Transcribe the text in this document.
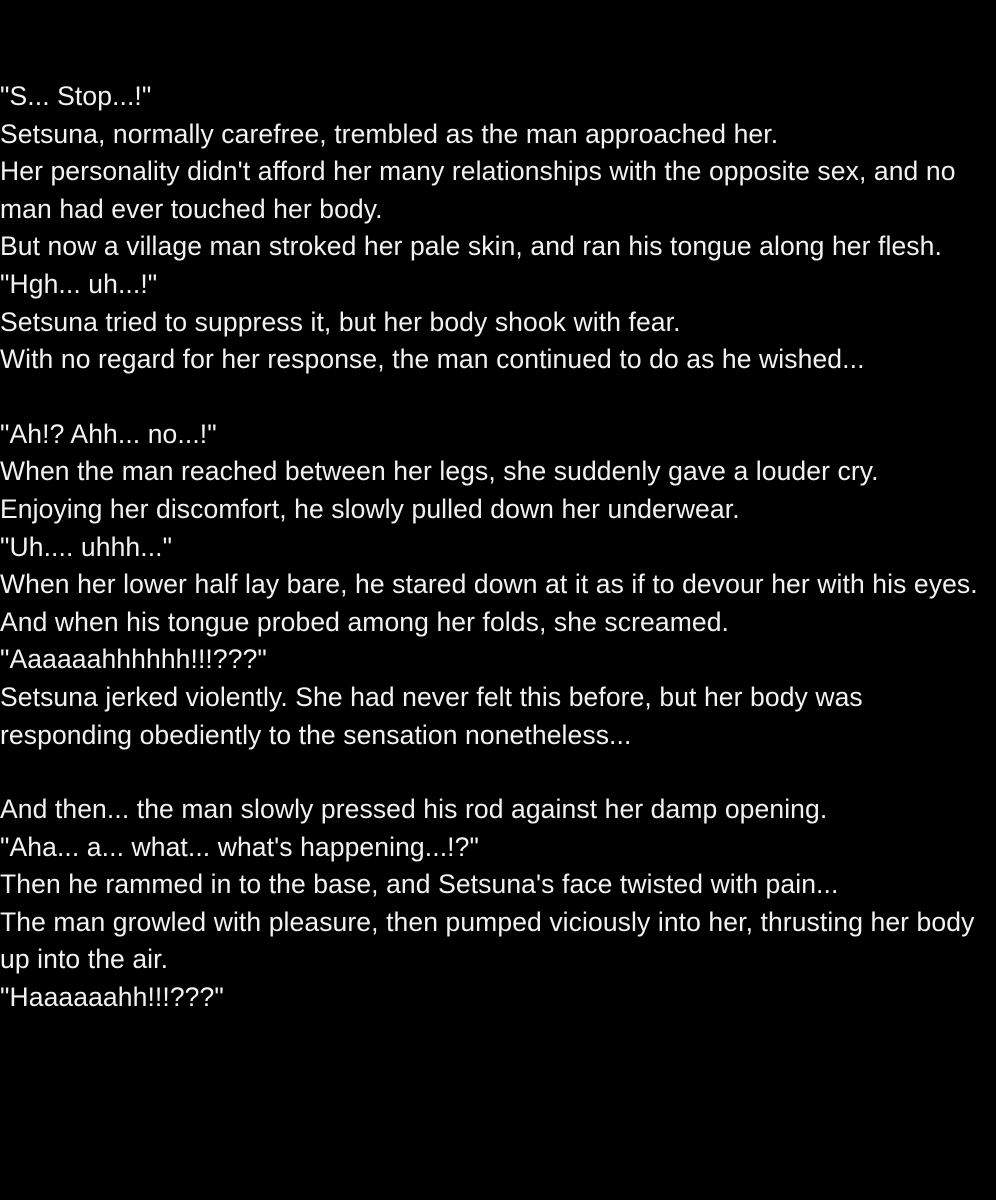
"S... Stop...!"
Setsuna, normally carefree, trembled as the man approached her.
Her personality didn't afford her many relationships with the opposite sex, and no man had ever touched her body.
But now a village man stroked her pale skin, and ran his tongue along her flesh.
"Hgh... uh...!"
Setsuna tried to suppress it, but her body shook with fear.
With no regard for her response, the man continued to do as he wished...
"Ah!? Ahh... no...!"
When the man reached between her legs, she suddenly gave a louder cry.
Enjoying her discomfort, he slowly pulled down her underwear.
"Uh.... uhhh..."
When her lower half lay bare, he stared down at it as if to devour her with his eyes.
And when his tongue probed among her folds, she screamed.
"Aaaaaahhhhhh!!!???"
Setsuna jerked violently. She had never felt this before, but her body was responding obediently to the sensation nonetheless...
And then... the man slowly pressed his rod against her damp opening.
"Aha... a... what... what's happening...!?"
Then he rammed in to the base, and Setsuna's face twisted with pain...
The man growled with pleasure, then pumped viciously into her, thrusting her body up into the air.
"Haaaaaahh!!!???"
